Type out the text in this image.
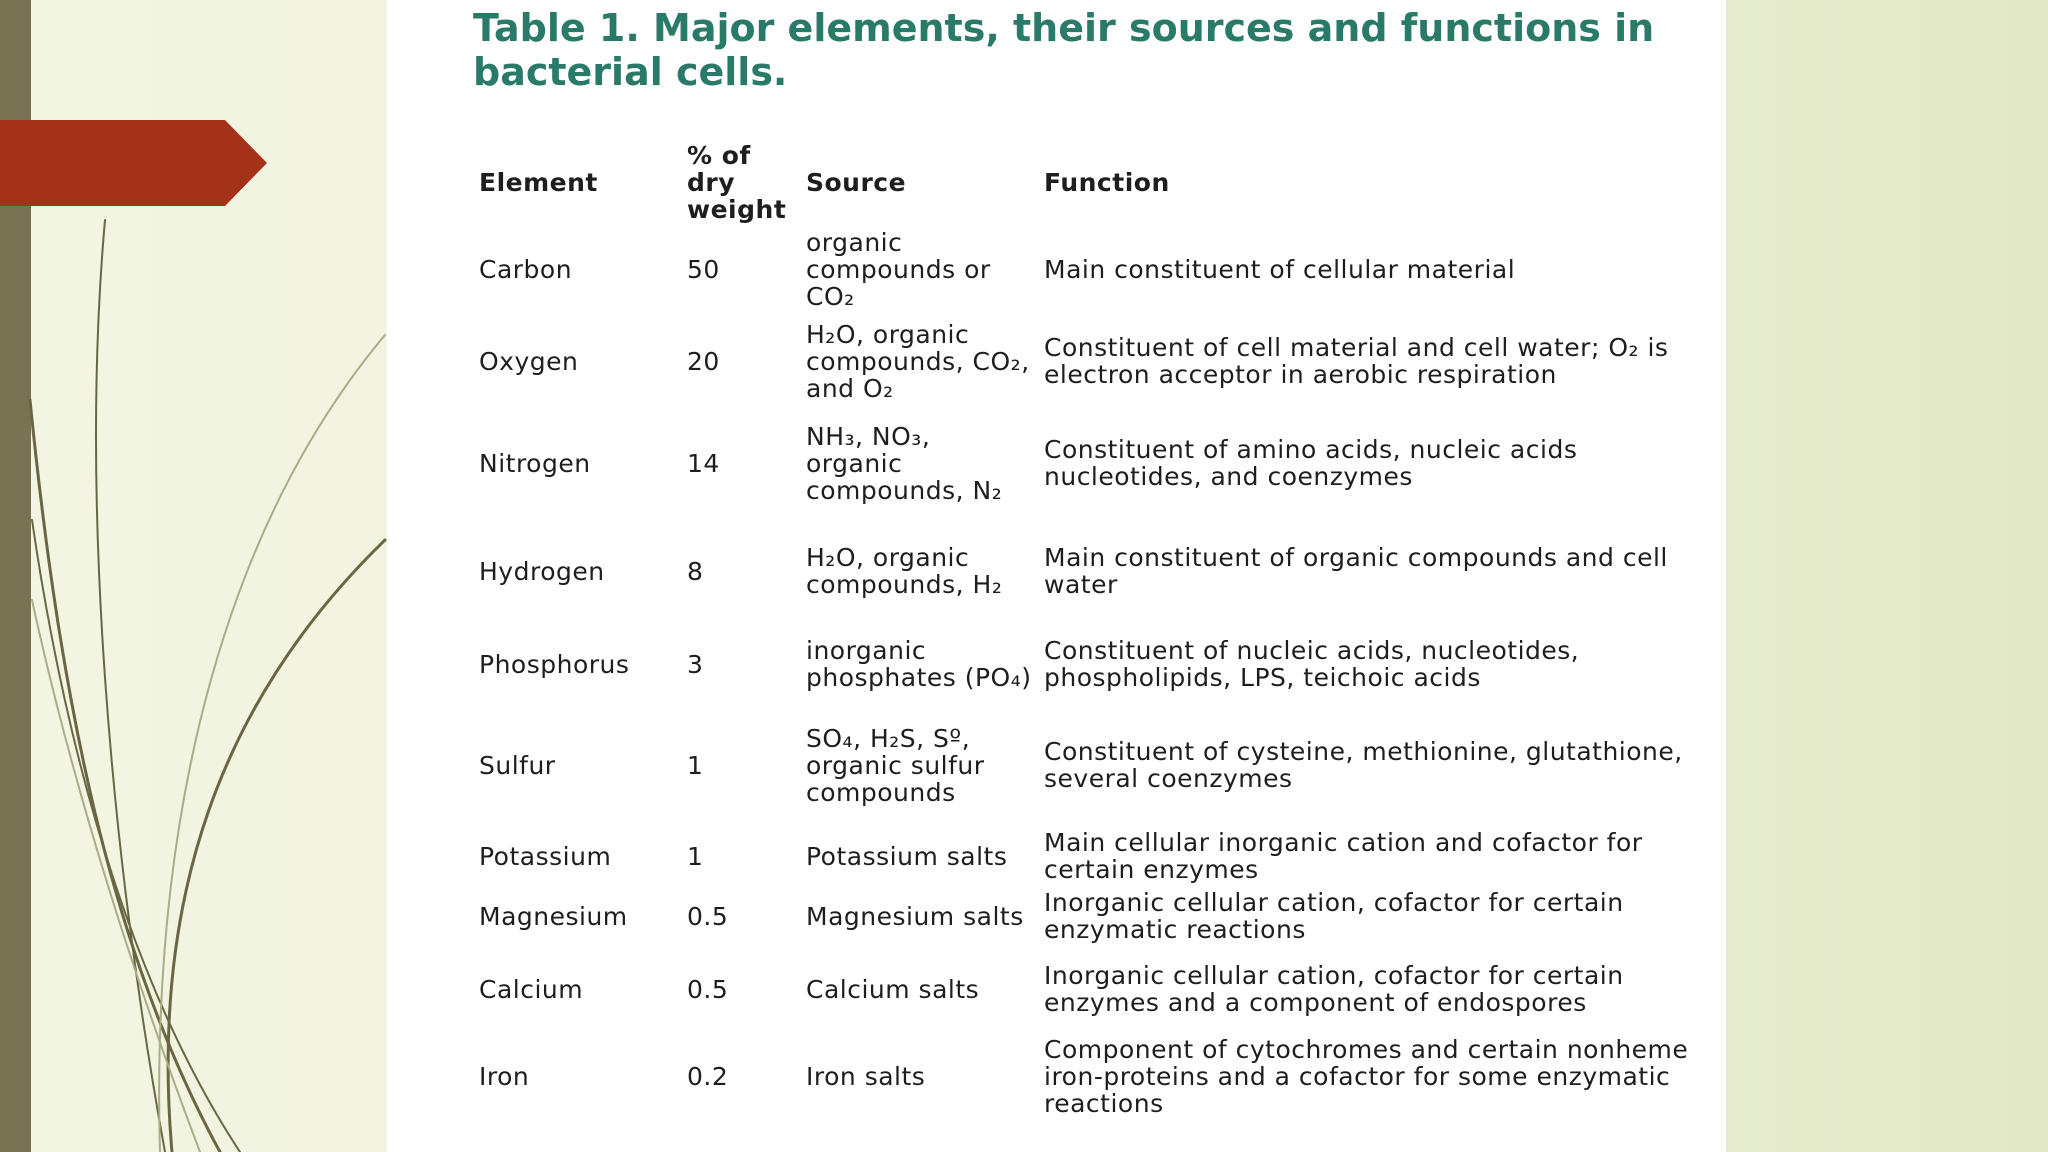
Table 1. Major elements, their sources and functions in bacterial cells.
Element	% of dry weight	Source	Function
Carbon	50	organic compounds or CO₂	Main constituent of cellular material
Oxygen	20	H₂O, organic compounds, CO₂, and O₂	Constituent of cell material and cell water; O₂ is electron acceptor in aerobic respiration
Nitrogen	14	NH₃, NO₃, organic compounds, N₂	Constituent of amino acids, nucleic acids nucleotides, and coenzymes
Hydrogen	8	H₂O, organic compounds, H₂	Main constituent of organic compounds and cell water
Phosphorus	3	inorganic phosphates (PO₄)	Constituent of nucleic acids, nucleotides, phospholipids, LPS, teichoic acids
Sulfur	1	SO₄, H₂S, Sº, organic sulfur compounds	Constituent of cysteine, methionine, glutathione, several coenzymes
Potassium	1	Potassium salts	Main cellular inorganic cation and cofactor for certain enzymes
Magnesium	0.5	Magnesium salts	Inorganic cellular cation, cofactor for certain enzymatic reactions
Calcium	0.5	Calcium salts	Inorganic cellular cation, cofactor for certain enzymes and a component of endospores
Iron	0.2	Iron salts	Component of cytochromes and certain nonheme iron-proteins and a cofactor for some enzymatic reactions
